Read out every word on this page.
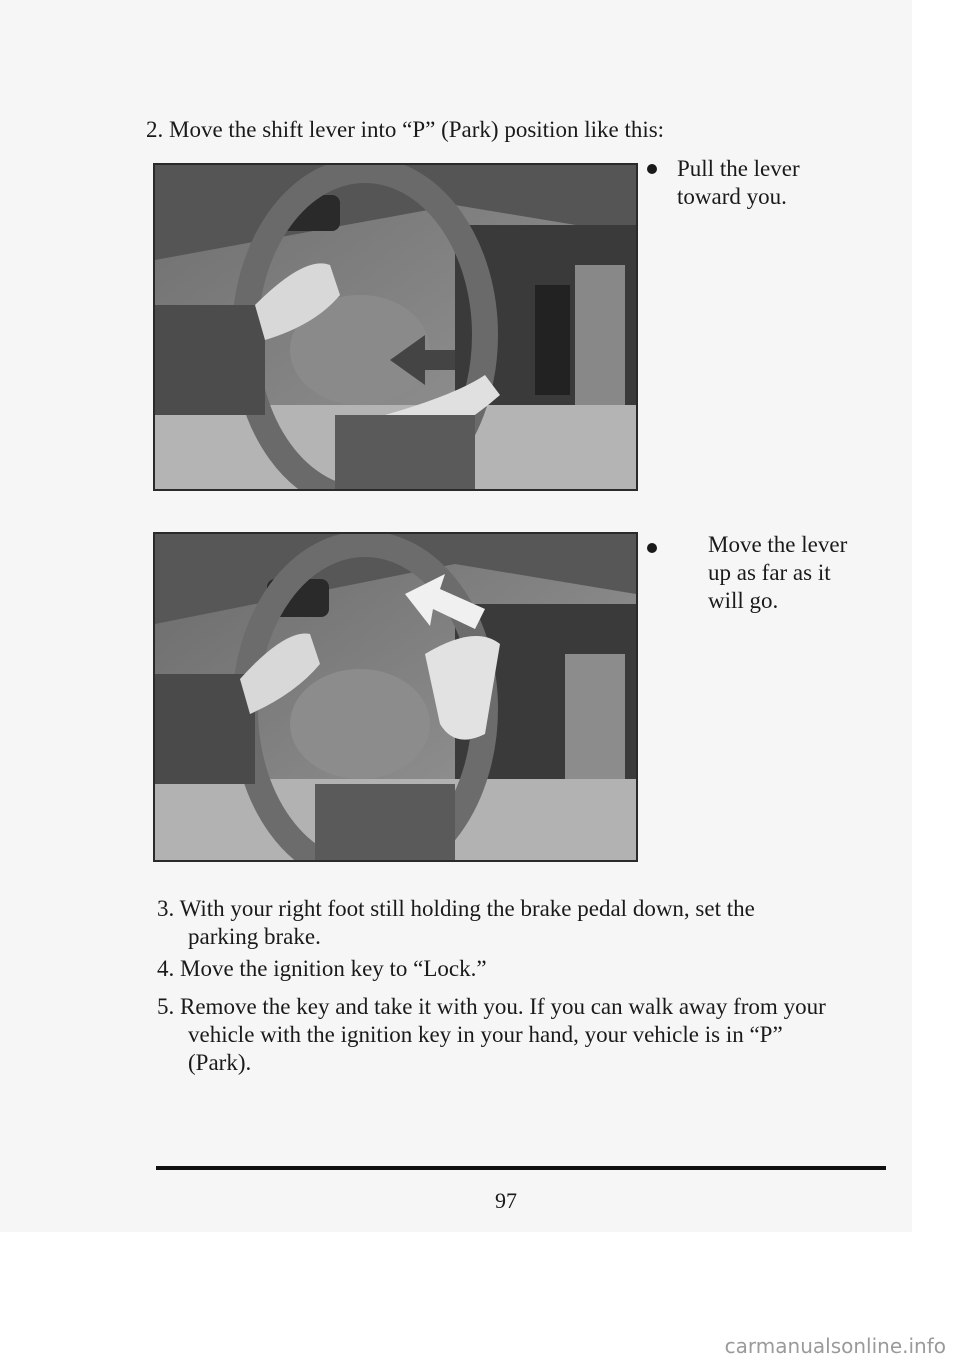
2. Move the shift lever into “P” (Park) position like this:
Pull the lever
toward you.
Move the lever
up as far as it
will go.
3. With your right foot still holding the brake pedal down, set the
parking brake.
4. Move the ignition key to “Lock.”
5. Remove the key and take it with you. If you can walk away from your
vehicle with the ignition key in your hand, your vehicle is in “P”
(Park).
97
carmanualsonline.info
